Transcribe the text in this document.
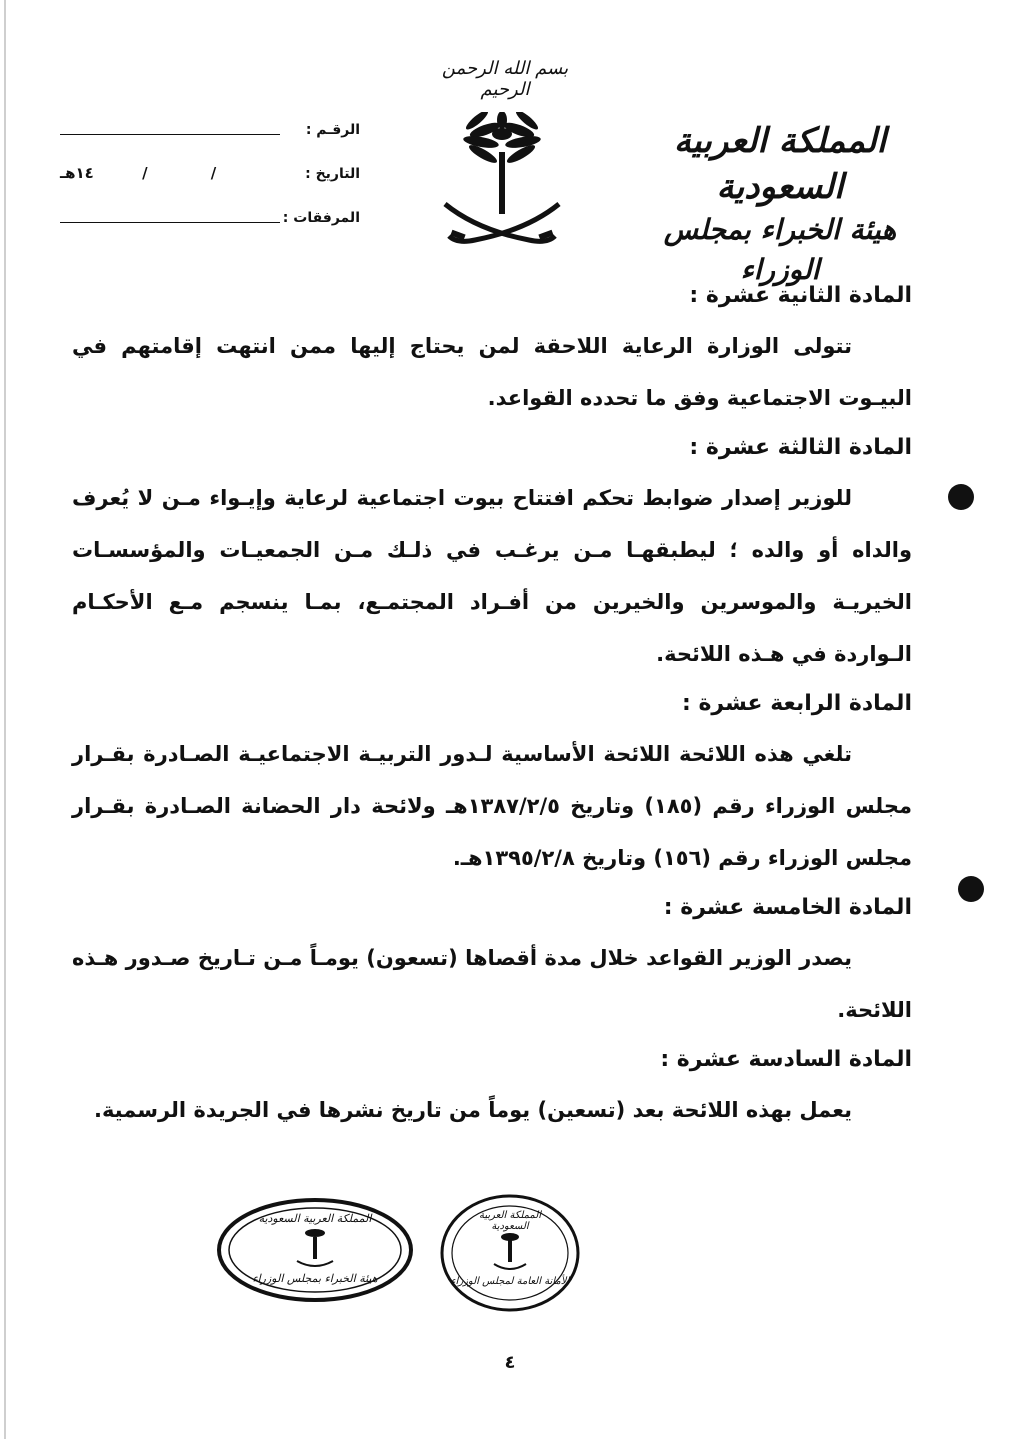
بسم الله الرحمن الرحيم
المملكة العربية السعودية
هيئة الخبراء بمجلس الوزراء
الرقـم :
التاريخ :
١٤هـ	/	/
المرفقات :
المادة الثانية عشرة :

تتولى الوزارة الرعاية اللاحقة لمن يحتاج إليها ممن انتهت إقامتهم في البيـوت الاجتماعية وفق ما تحدده القواعد.

المادة الثالثة عشرة :

للوزير إصدار ضوابط تحكم افتتاح بيوت اجتماعية لرعاية وإيـواء مـن لا يُعرف والداه أو والده ؛ ليطبقهـا مـن يرغـب في ذلـك مـن الجمعيـات والمؤسسـات الخيريـة والموسرين والخيرين من أفـراد المجتمـع، بمـا ينسجم مـع الأحكـام الـواردة في هـذه اللائحة.

المادة الرابعة عشرة :

تلغي هذه اللائحة اللائحة الأساسية لـدور التربيـة الاجتماعيـة الصـادرة بقـرار مجلس الوزراء رقم (١٨٥) وتاريخ ١٣٨٧/٢/٥هـ ولائحة دار الحضانة الصـادرة بقـرار مجلس الوزراء رقم (١٥٦) وتاريخ ١٣٩٥/٢/٨هـ.

المادة الخامسة عشرة :

يصدر الوزير القواعد خلال مدة أقصاها (تسعون) يومـاً مـن تـاريخ صـدور هـذه اللائحة.

المادة السادسة عشرة :

يعمل بهذه اللائحة بعد (تسعين) يوماً من تاريخ نشرها في الجريدة الرسمية.

المملكة العربية السعودية
هيئة الخبراء بمجلس الوزراء
المملكة العربية السعودية
الأمانة العامة لمجلس الوزراء
٤
